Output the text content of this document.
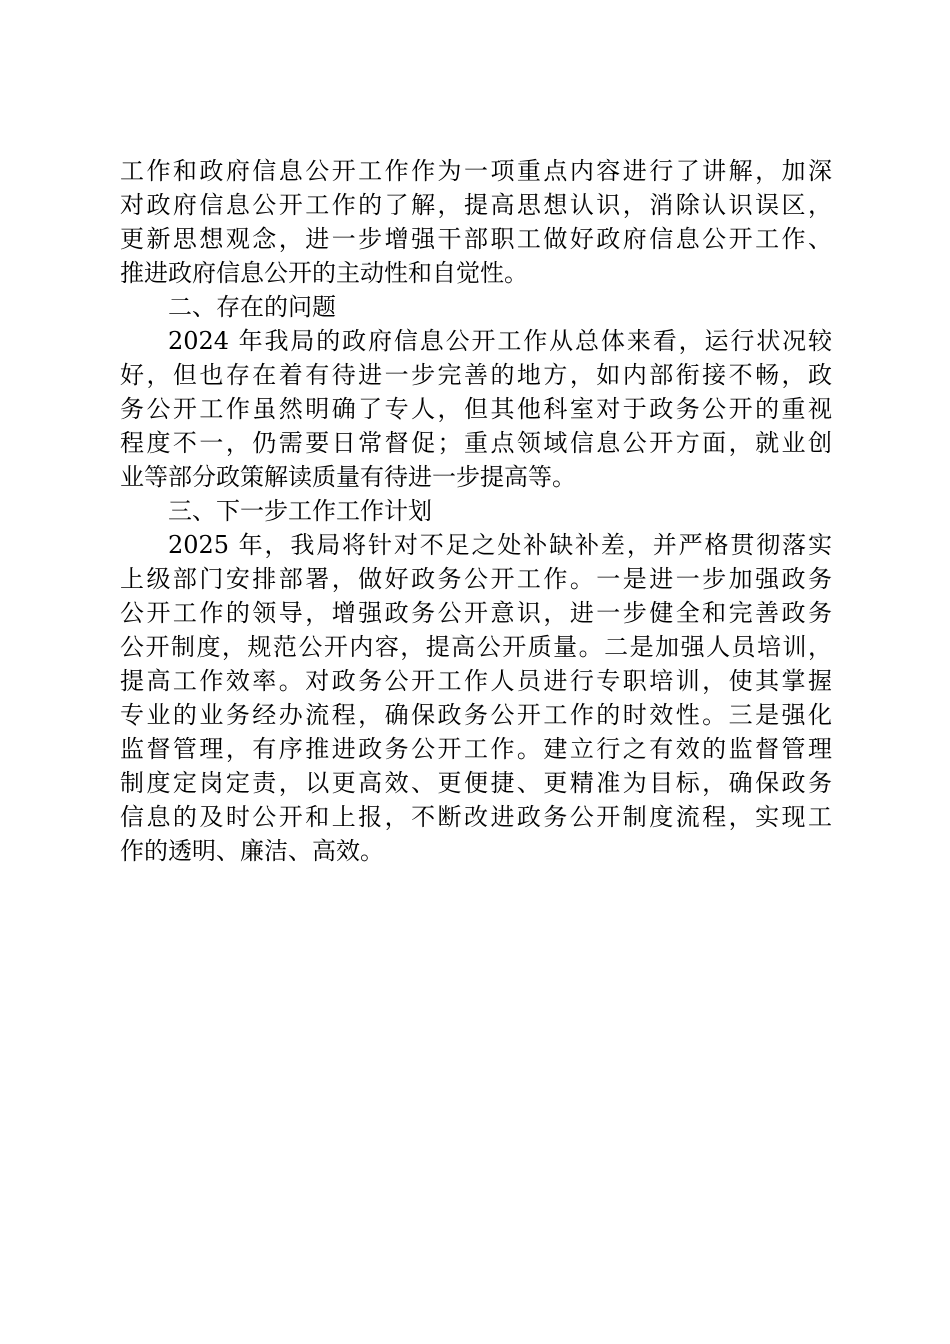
工作和政府信息公开工作作为一项重点内容进行了讲解，加深
对政府信息公开工作的了解，提高思想认识，消除认识误区，
更新思想观念，进一步增强干部职工做好政府信息公开工作、
推进政府信息公开的主动性和自觉性。
二、存在的问题
2024 年我局的政府信息公开工作从总体来看，运行状况较
好，但也存在着有待进一步完善的地方，如内部衔接不畅，政
务公开工作虽然明确了专人，但其他科室对于政务公开的重视
程度不一，仍需要日常督促；重点领域信息公开方面，就业创
业等部分政策解读质量有待进一步提高等。
三、下一步工作工作计划
2025 年，我局将针对不足之处补缺补差，并严格贯彻落实
上级部门安排部署，做好政务公开工作。一是进一步加强政务
公开工作的领导，增强政务公开意识，进一步健全和完善政务
公开制度，规范公开内容，提高公开质量。二是加强人员培训，
提高工作效率。对政务公开工作人员进行专职培训，使其掌握
专业的业务经办流程，确保政务公开工作的时效性。三是强化
监督管理，有序推进政务公开工作。建立行之有效的监督管理
制度定岗定责，以更高效、更便捷、更精准为目标，确保政务
信息的及时公开和上报，不断改进政务公开制度流程，实现工
作的透明、廉洁、高效。
